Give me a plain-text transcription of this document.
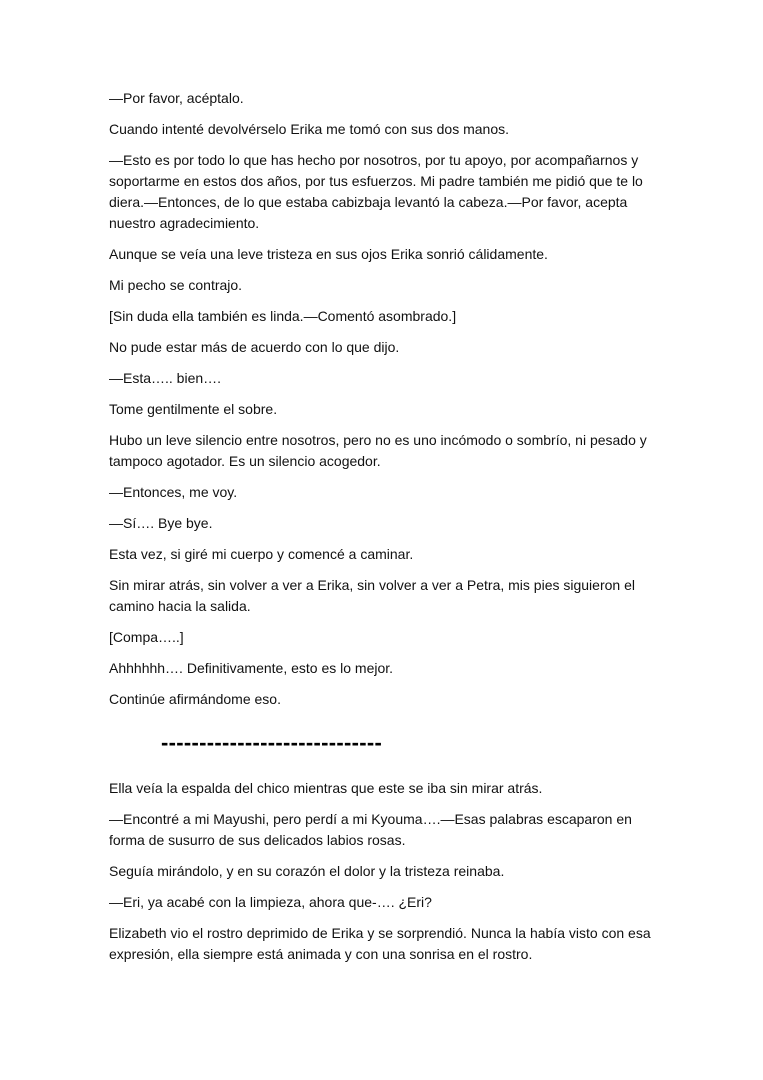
—Por favor, acéptalo.

Cuando intenté devolvérselo Erika me tomó con sus dos manos.

—Esto es por todo lo que has hecho por nosotros, por tu apoyo, por acompañarnos y soportarme en estos dos años, por tus esfuerzos. Mi padre también me pidió que te lo diera.—Entonces, de lo que estaba cabizbaja levantó la cabeza.—Por favor, acepta nuestro agradecimiento.

Aunque se veía una leve tristeza en sus ojos Erika sonrió cálidamente.

Mi pecho se contrajo.

[Sin duda ella también es linda.—Comentó asombrado.]

No pude estar más de acuerdo con lo que dijo.

—Esta….. bien….

Tome gentilmente el sobre.

Hubo un leve silencio entre nosotros, pero no es uno incómodo o sombrío, ni pesado y tampoco agotador. Es un silencio acogedor.

—Entonces, me voy.

—Sí…. Bye bye.

Esta vez, si giré mi cuerpo y comencé a caminar.

Sin mirar atrás, sin volver a ver a Erika, sin volver a ver a Petra, mis pies siguieron el camino hacia la salida.

[Compa…..]

Ahhhhhh…. Definitivamente, esto es lo mejor.

Continúe afirmándome eso.

-----------------------------

Ella veía la espalda del chico mientras que este se iba sin mirar atrás.

—Encontré a mi Mayushi, pero perdí a mi Kyouma….—Esas palabras escaparon en forma de susurro de sus delicados labios rosas.

Seguía mirándolo, y en su corazón el dolor y la tristeza reinaba.

—Eri, ya acabé con la limpieza, ahora que-…. ¿Eri?

Elizabeth vio el rostro deprimido de Erika y se sorprendió. Nunca la había visto con esa expresión, ella siempre está animada y con una sonrisa en el rostro.
